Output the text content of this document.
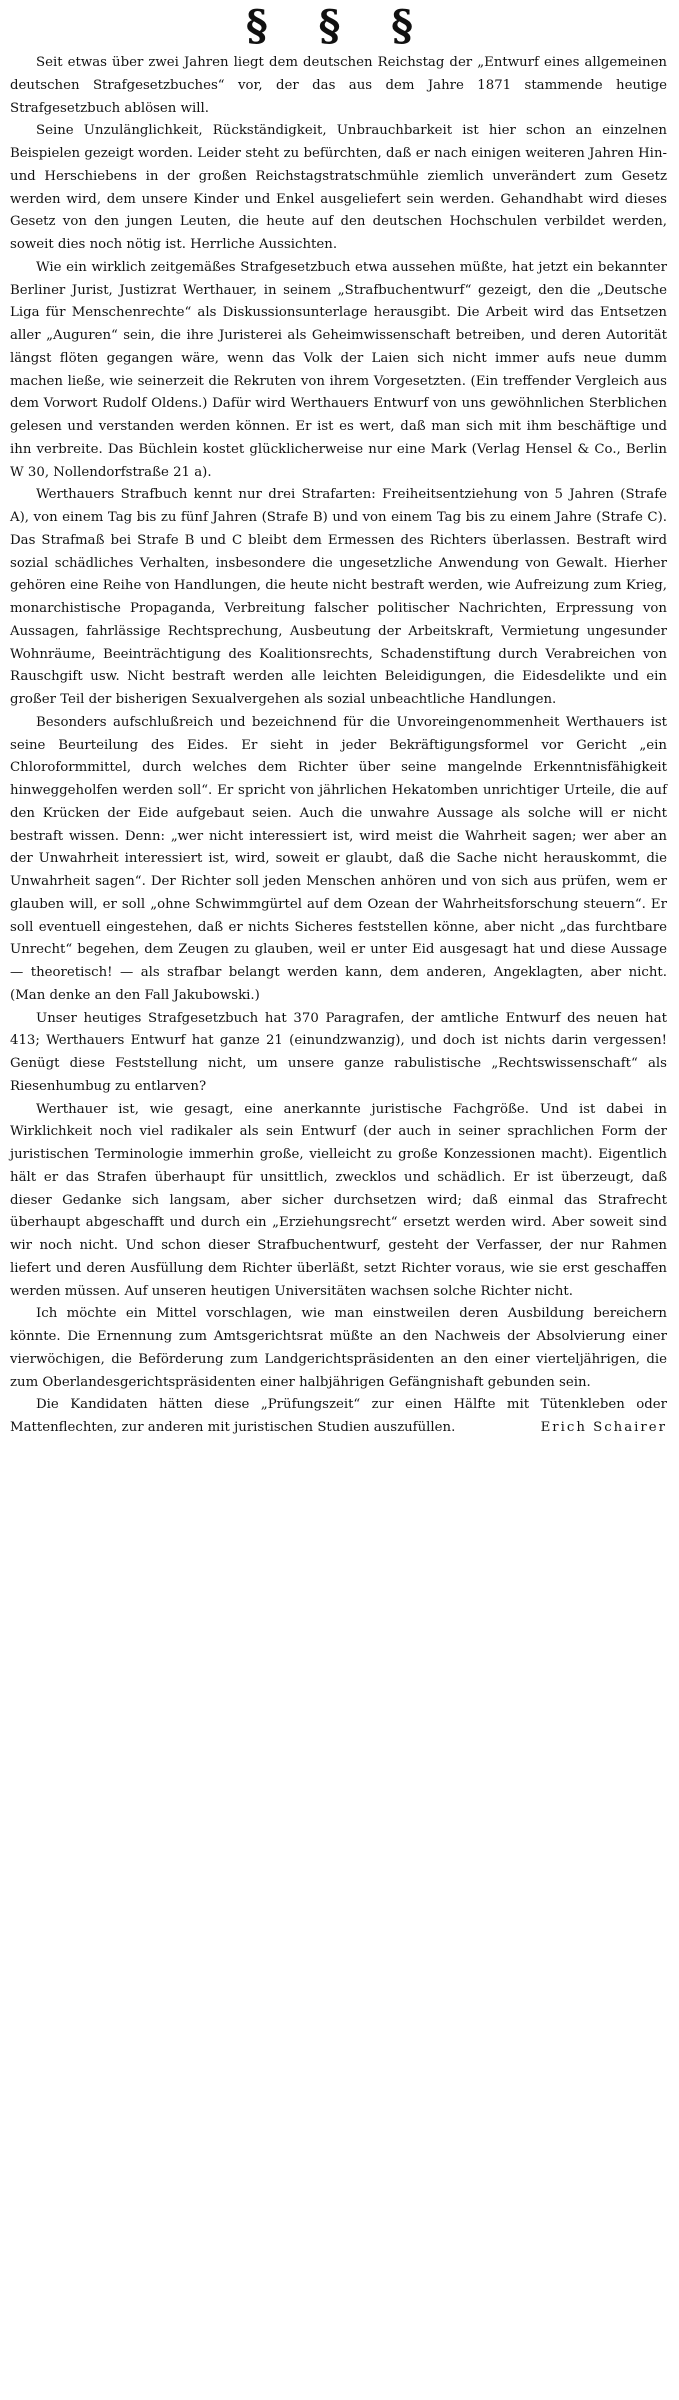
§ § §

Seit etwas über zwei Jahren liegt dem deutschen Reichstag der „Entwurf eines allgemeinen deutschen Strafgesetzbuches“ vor, der das aus dem Jahre 1871 stammende heutige Strafgesetzbuch ablösen will.

Seine Unzulänglichkeit, Rückständigkeit, Unbrauchbarkeit ist hier schon an einzelnen Beispielen gezeigt worden. Leider steht zu befürchten, daß er nach einigen weiteren Jahren Hin- und Herschiebens in der großen Reichstagstratschmühle ziemlich unverändert zum Gesetz werden wird, dem unsere Kinder und Enkel ausgeliefert sein werden. Gehandhabt wird dieses Gesetz von den jungen Leuten, die heute auf den deutschen Hochschulen verbildet werden, soweit dies noch nötig ist. Herrliche Aussichten.

Wie ein wirklich zeitgemäßes Strafgesetzbuch etwa aussehen müßte, hat jetzt ein bekannter Berliner Jurist, Justizrat Werthauer, in seinem „Strafbuchentwurf“ gezeigt, den die „Deutsche Liga für Menschenrechte“ als Diskussionsunterlage herausgibt. Die Arbeit wird das Entsetzen aller „Auguren“ sein, die ihre Juristerei als Geheimwissenschaft betreiben, und deren Autorität längst flöten gegangen wäre, wenn das Volk der Laien sich nicht immer aufs neue dumm machen ließe, wie seinerzeit die Rekruten von ihrem Vorgesetzten. (Ein treffender Vergleich aus dem Vorwort Rudolf Oldens.) Dafür wird Werthauers Entwurf von uns gewöhnlichen Sterblichen gelesen und verstanden werden können. Er ist es wert, daß man sich mit ihm beschäftige und ihn verbreite. Das Büchlein kostet glücklicherweise nur eine Mark (Verlag Hensel & Co., Berlin W 30, Nollendorfstraße 21 a).

Werthauers Strafbuch kennt nur drei Strafarten: Freiheitsentziehung von 5 Jahren (Strafe A), von einem Tag bis zu fünf Jahren (Strafe B) und von einem Tag bis zu einem Jahre (Strafe C). Das Strafmaß bei Strafe B und C bleibt dem Ermessen des Richters überlassen. Bestraft wird sozial schädliches Verhalten, insbesondere die ungesetzliche Anwendung von Gewalt. Hierher gehören eine Reihe von Handlungen, die heute nicht bestraft werden, wie Aufreizung zum Krieg, monarchistische Propaganda, Verbreitung falscher politischer Nachrichten, Erpressung von Aussagen, fahrlässige Rechtsprechung, Ausbeutung der Arbeitskraft, Vermietung ungesunder Wohnräume, Beeinträchtigung des Koalitionsrechts, Schadenstiftung durch Verabreichen von Rauschgift usw. Nicht bestraft werden alle leichten Beleidigungen, die Eidesdelikte und ein großer Teil der bisherigen Sexualvergehen als sozial unbeachtliche Handlungen.

Besonders aufschlußreich und bezeichnend für die Unvoreingenommenheit Werthauers ist seine Beurteilung des Eides. Er sieht in jeder Bekräftigungsformel vor Gericht „ein Chloroformmittel, durch welches dem Richter über seine mangelnde Erkenntnisfähigkeit hinweggeholfen werden soll“. Er spricht von jährlichen Hekatomben unrichtiger Urteile, die auf den Krücken der Eide aufgebaut seien. Auch die unwahre Aussage als solche will er nicht bestraft wissen. Denn: „wer nicht interessiert ist, wird meist die Wahrheit sagen; wer aber an der Unwahrheit interessiert ist, wird, soweit er glaubt, daß die Sache nicht herauskommt, die Unwahrheit sagen“. Der Richter soll jeden Menschen anhören und von sich aus prüfen, wem er glauben will, er soll „ohne Schwimmgürtel auf dem Ozean der Wahrheitsforschung steuern“. Er soll eventuell eingestehen, daß er nichts Sicheres feststellen könne, aber nicht „das furchtbare Unrecht“ begehen, dem Zeugen zu glauben, weil er unter Eid ausgesagt hat und diese Aussage — theoretisch! — als strafbar belangt werden kann, dem anderen, Angeklagten, aber nicht. (Man denke an den Fall Jakubowski.)

Unser heutiges Strafgesetzbuch hat 370 Paragrafen, der amtliche Entwurf des neuen hat 413; Werthauers Entwurf hat ganze 21 (einundzwanzig), und doch ist nichts darin vergessen! Genügt diese Feststellung nicht, um unsere ganze rabulistische „Rechtswissenschaft“ als Riesenhumbug zu entlarven?

Werthauer ist, wie gesagt, eine anerkannte juristische Fachgröße. Und ist dabei in Wirklichkeit noch viel radikaler als sein Entwurf (der auch in seiner sprachlichen Form der juristischen Terminologie immerhin große, vielleicht zu große Konzessionen macht). Eigentlich hält er das Strafen überhaupt für unsittlich, zwecklos und schädlich. Er ist überzeugt, daß dieser Gedanke sich langsam, aber sicher durchsetzen wird; daß einmal das Strafrecht überhaupt abgeschafft und durch ein „Erziehungsrecht“ ersetzt werden wird. Aber soweit sind wir noch nicht. Und schon dieser Strafbuchentwurf, gesteht der Verfasser, der nur Rahmen liefert und deren Ausfüllung dem Richter überläßt, setzt Richter voraus, wie sie erst geschaffen werden müssen. Auf unseren heutigen Universitäten wachsen solche Richter nicht.

Ich möchte ein Mittel vorschlagen, wie man einstweilen deren Ausbildung bereichern könnte. Die Ernennung zum Amtsgerichtsrat müßte an den Nachweis der Absolvierung einer vierwöchigen, die Beförderung zum Landgerichtspräsidenten an den einer vierteljährigen, die zum Oberlandesgerichtspräsidenten einer halbjährigen Gefängnishaft gebunden sein.

Die Kandidaten hätten diese „Prüfungszeit“ zur einen Hälfte mit Tütenkleben oder Mattenflechten, zur anderen mit juristischen Studien auszufüllen.	Erich Schairer
